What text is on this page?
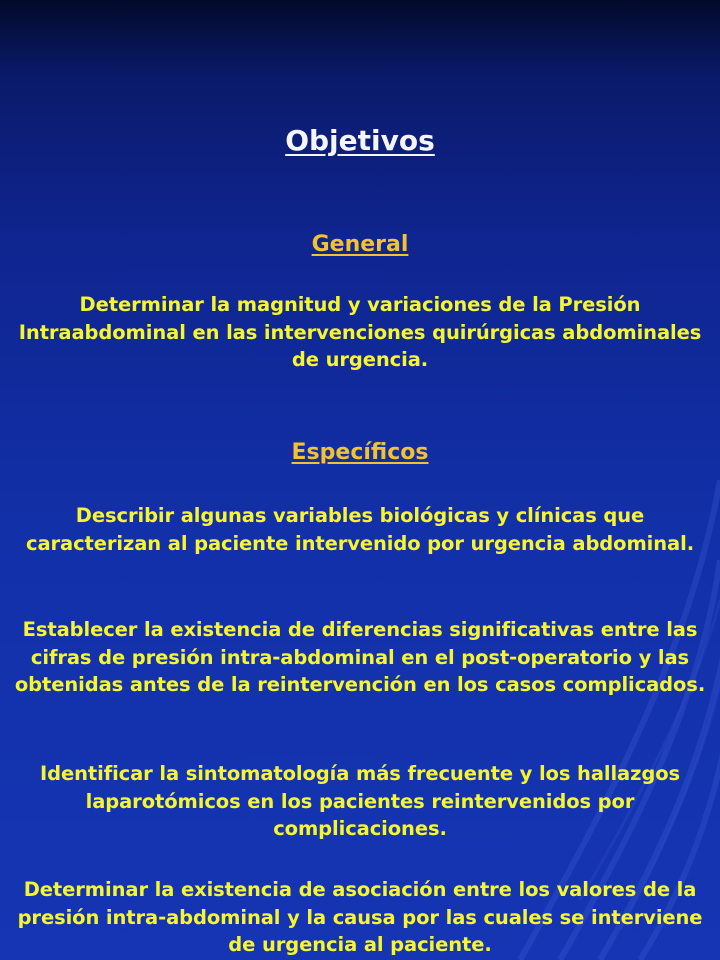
Objetivos
General
Determinar la magnitud y variaciones de la Presión Intraabdominal en las intervenciones quirúrgicas abdominales de urgencia.
Específicos
Describir algunas variables biológicas y clínicas que caracterizan al paciente intervenido por urgencia abdominal.
Establecer la existencia de diferencias significativas entre las cifras de presión intra-abdominal en el post-operatorio y las obtenidas antes de la reintervención en los casos complicados.
Identificar la sintomatología más frecuente y los hallazgos laparotómicos en los pacientes reintervenidos por complicaciones.
Determinar la existencia de asociación entre los valores de la presión intra-abdominal y la causa por las cuales se interviene de urgencia al paciente.
